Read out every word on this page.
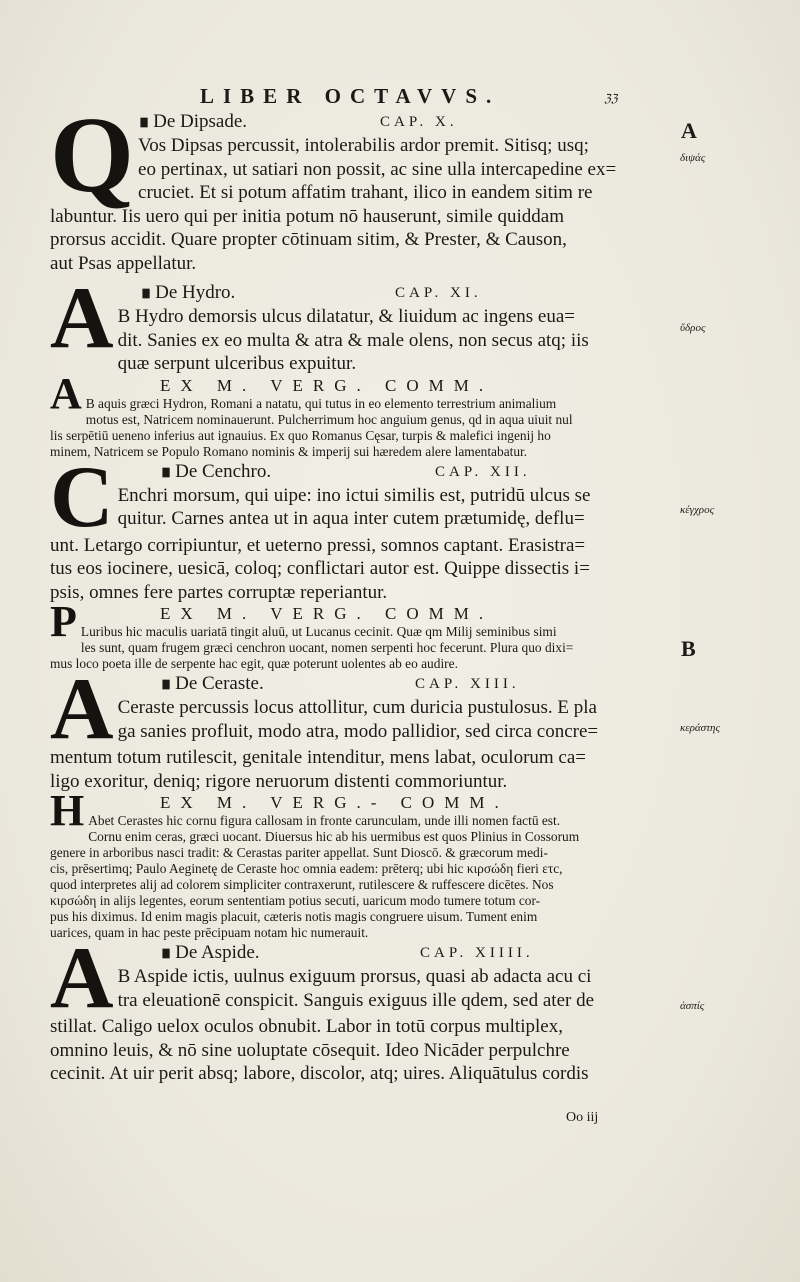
LIBER OCTAVVS.	ℨℨ
A
διψάς
ὕδρος
κέγχρος
B
κεράστης
ἀσπίς
Q ∎ De Dipsade.	CAP. X.
Vos Dipsas percussit, intolerabilis ardor premit. Sitisq; usq;
eo pertinax, ut satiari non possit, ac sine ulla intercapedine ex=
cruciet. Et si potum affatim trahant, ilico in eandem sitim re
labuntur. Iis uero qui per initia potum nō hauserunt, simile quiddam
prorsus accidit. Quare propter cōtinuam sitim, & Prester, & Causon,
aut Psas appellatur.
A	∎ De Hydro.	CAP. XI.
B Hydro demorsis ulcus dilatatur, & liuidum ac ingens eua=
dit. Sanies ex eo multa & atra & male olens, non secus atq; iis
quæ serpunt ulceribus expuitur.
A	EX M. VERG. COMM.
B aquis græci Hydron, Romani a natatu, qui tutus in eo elemento terrestrium animalium
motus est, Natricem nominauerunt. Pulcherrimum hoc anguium genus, qd in aqua uiuit nul
lis serpētiū ueneno inferius aut ignauius. Ex quo Romanus Cęsar, turpis & malefici ingenij ho
minem, Natricem se Populo Romano nominis & imperij sui hæredem alere lamentabatur.
C	∎ De Cenchro.	CAP. XII.
Enchri morsum, qui uipe: ino ictui similis est, putridū ulcus se
quitur. Carnes antea ut in aqua inter cutem prætumidę, deflu=
unt. Letargo corripiuntur, et ueterno pressi, somnos captant. Erasistra=
tus eos iocinere, uesicā, coloq; conflictari autor est. Quippe dissectis i=
psis, omnes fere partes corruptæ reperiantur.
P	EX M. VERG. COMM.
Luribus hic maculis uariatā tingit aluū, ut Lucanus cecinit. Quæ qm Milij seminibus simi
les sunt, quam frugem græci cenchron uocant, nomen serpenti hoc fecerunt. Plura quo dixi=
mus loco poeta ille de serpente hac egit, quæ poterunt uolentes ab eo audire.
A	∎ De Ceraste.	CAP. XIII.
Ceraste percussis locus attollitur, cum duricia pustulosus. E pla
ga sanies profluit, modo atra, modo pallidior, sed circa concre=
mentum totum rutilescit, genitale intenditur, mens labat, oculorum ca=
ligo exoritur, deniq; rigore neruorum distenti commoriuntur.
H	EX M. VERG.- COMM.
Abet Cerastes hic cornu figura callosam in fronte carunculam, unde illi nomen factū est.
Cornu enim ceras, græci uocant. Diuersus hic ab his uermibus est quos Plinius in Cossorum
genere in arboribus nasci tradit: & Cerastas pariter appellat. Sunt Dioscō. & græcorum medi-
cis, prēsertimq; Paulo Aeginetę de Ceraste hoc omnia eadem: prēterq; ubi hic κιρσώδη fieri ετc,
quod interpretes alij ad colorem simpliciter contraxerunt, rutilescere & ruffescere dicētes. Nos
κιρσώδη in alijs legentes, eorum sententiam potius secuti, uaricum modo tumere totum cor-
pus his diximus. Id enim magis placuit, cæteris notis magis congruere uisum. Tument enim
uarices, quam in hac peste prēcipuam notam hic numerauit.
A	∎ De Aspide.	CAP. XIIII.
B Aspide ictis, uulnus exiguum prorsus, quasi ab adacta acu ci
tra eleuationē conspicit. Sanguis exiguus ille qdem, sed ater de
stillat. Caligo uelox oculos obnubit. Labor in totū corpus multiplex,
omnino leuis, & nō sine uoluptate cōsequit. Ideo Nicāder perpulchre
cecinit. At uir perit absq; labore, discolor, atq; uires. Aliquātulus cordis
Oo iij
